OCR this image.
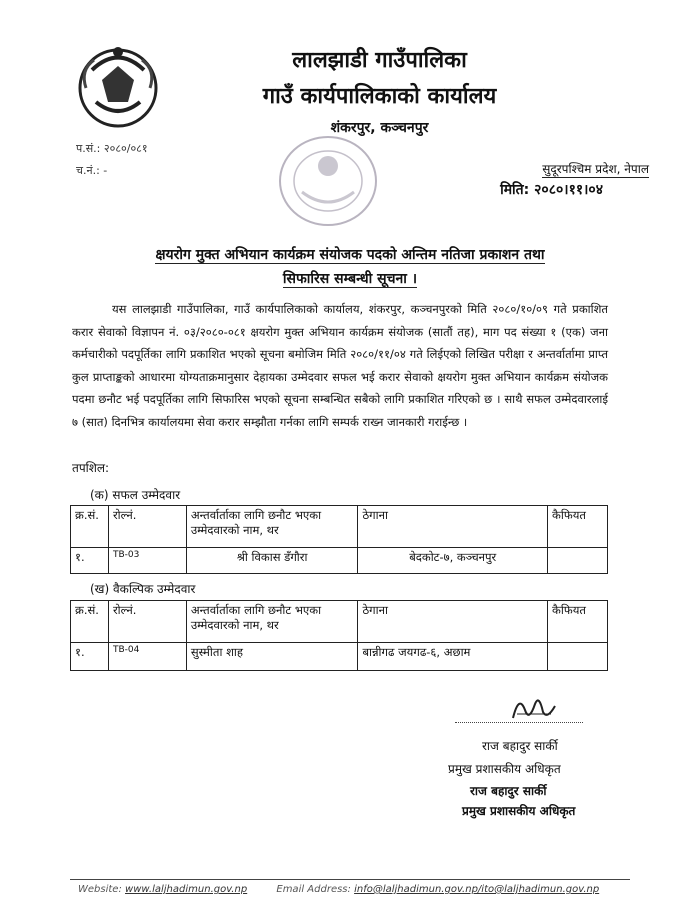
लालझाडी गाउँपालिका
गाउँ कार्यपालिकाको कार्यालय
शंकरपुर, कञ्चनपुर
प.सं.: २०८०/०८१
च.नं.: -	सुदूरपश्चिम प्रदेश, नेपाल
मिति: २०८०।११।०४
क्षयरोग मुक्त अभियान कार्यक्रम संयोजक पदको अन्तिम नतिजा प्रकाशन तथा
सिफारिस सम्बन्धी सूचना ।
यस लालझाडी गाउँपालिका, गाउँ कार्यपालिकाको कार्यालय, शंकरपुर, कञ्चनपुरको मिति २०८०/१०/०९ गते प्रकाशित करार सेवाको विज्ञापन नं. ०३/२०८०-०८१ क्षयरोग मुक्त अभियान कार्यक्रम संयोजक (सातौं तह), माग पद संख्या १ (एक) जना कर्मचारीको पदपूर्तिका लागि प्रकाशित भएको सूचना बमोजिम मिति २०८०/११/०४ गते लिईएको लिखित परीक्षा र अन्तर्वार्तामा प्राप्त कुल प्राप्ताङ्कको आधारमा योग्यताक्रमानुसार देहायका उम्मेदवार सफल भई करार सेवाको क्षयरोग मुक्त अभियान कार्यक्रम संयोजक पदमा छनौट भई पदपूर्तिका लागि सिफारिस भएको सूचना सम्बन्धित सबैको लागि प्रकाशित गरिएको छ । साथै सफल उम्मेदवारलाई ७ (सात) दिनभित्र कार्यालयमा सेवा करार सम्झौता गर्नका लागि सम्पर्क राख्न जानकारी गराईन्छ ।
तपशिल:
(क) सफल उम्मेदवार
क्र.सं.	रोल्नं.	अन्तर्वार्ताका लागि छनौट भएका उम्मेदवारको नाम, थर	ठेगाना	कैफियत
१.	TB-03	श्री विकास डँगौरा	बेदकोट-७, कञ्चनपुर	
(ख) वैकल्पिक उम्मेदवार
क्र.सं.	रोल्नं.	अन्तर्वार्ताका लागि छनौट भएका उम्मेदवारको नाम, थर	ठेगाना	कैफियत
१.	TB-04	सुस्मीता शाह	बान्नीगढ जयगढ-६, अछाम	
राज बहादुर सार्की
प्रमुख प्रशासकीय अधिकृत
राज बहादुर सार्की
प्रमुख प्रशासकीय अधिकृत
Website: www.laljhadimun.gov.np	Email Address: info@laljhadimun.gov.np/ito@laljhadimun.gov.np
